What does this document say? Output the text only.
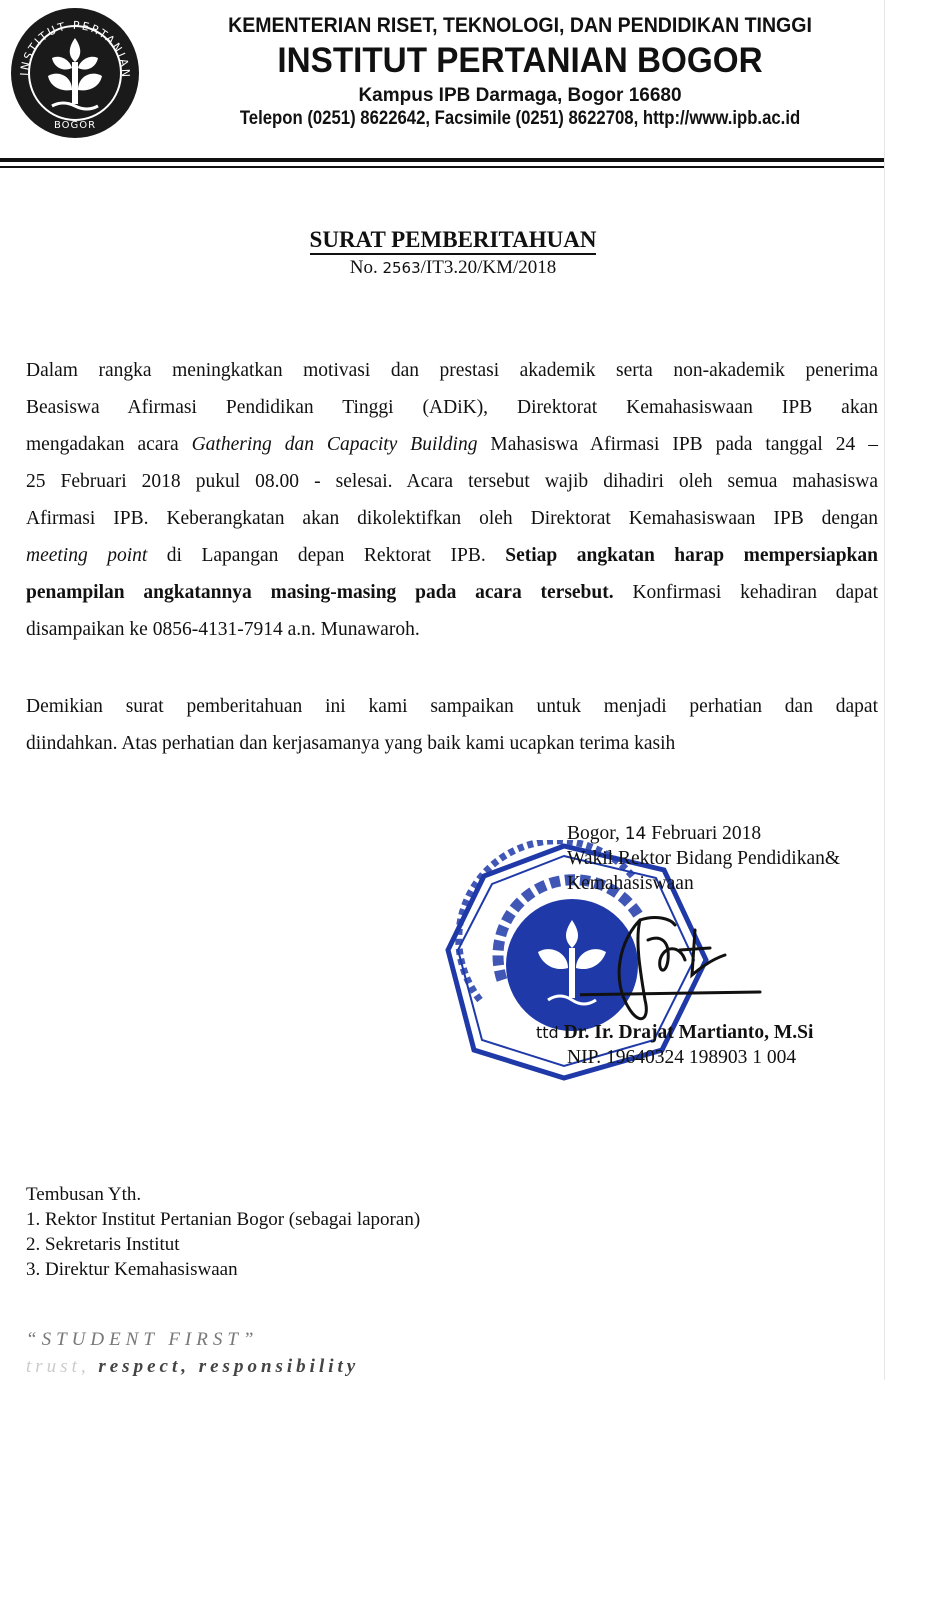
INSTITUT PERTANIAN
BOGOR
KEMENTERIAN RISET, TEKNOLOGI, DAN PENDIDIKAN TINGGI
INSTITUT PERTANIAN BOGOR
Kampus IPB Darmaga, Bogor 16680
Telepon (0251) 8622642, Facsimile (0251) 8622708, http://www.ipb.ac.id
SURAT PEMBERITAHUAN
No. 2563/IT3.20/KM/2018
Dalam rangka meningkatkan motivasi dan prestasi akademik serta non-akademik penerima
Beasiswa Afirmasi Pendidikan Tinggi (ADiK), Direktorat Kemahasiswaan IPB akan
mengadakan acara Gathering dan Capacity Building Mahasiswa Afirmasi IPB pada tanggal 24 –
25 Februari 2018 pukul 08.00 - selesai. Acara tersebut wajib dihadiri oleh semua mahasiswa
Afirmasi IPB. Keberangkatan akan dikolektifkan oleh Direktorat Kemahasiswaan IPB dengan
meeting point di Lapangan depan Rektorat IPB. Setiap angkatan harap mempersiapkan
penampilan angkatannya masing-masing pada acara tersebut. Konfirmasi kehadiran dapat
disampaikan ke 0856-4131-7914 a.n. Munawaroh.
Demikian surat pemberitahuan ini kami sampaikan untuk menjadi perhatian dan dapat
diindahkan. Atas perhatian dan kerjasamanya yang baik kami ucapkan terima kasih
Bogor, 14 Februari 2018
Wakil Rektor Bidang Pendidikan&
Kemahasiswaan
ttd Dr. Ir. Drajat Martianto, M.Si
NIP. 19640324 198903 1 004
Tembusan Yth.
1. Rektor Institut Pertanian Bogor (sebagai laporan)
2. Sekretaris Institut
3. Direktur Kemahasiswaan
“STUDENT FIRST”
trust, respect, responsibility
